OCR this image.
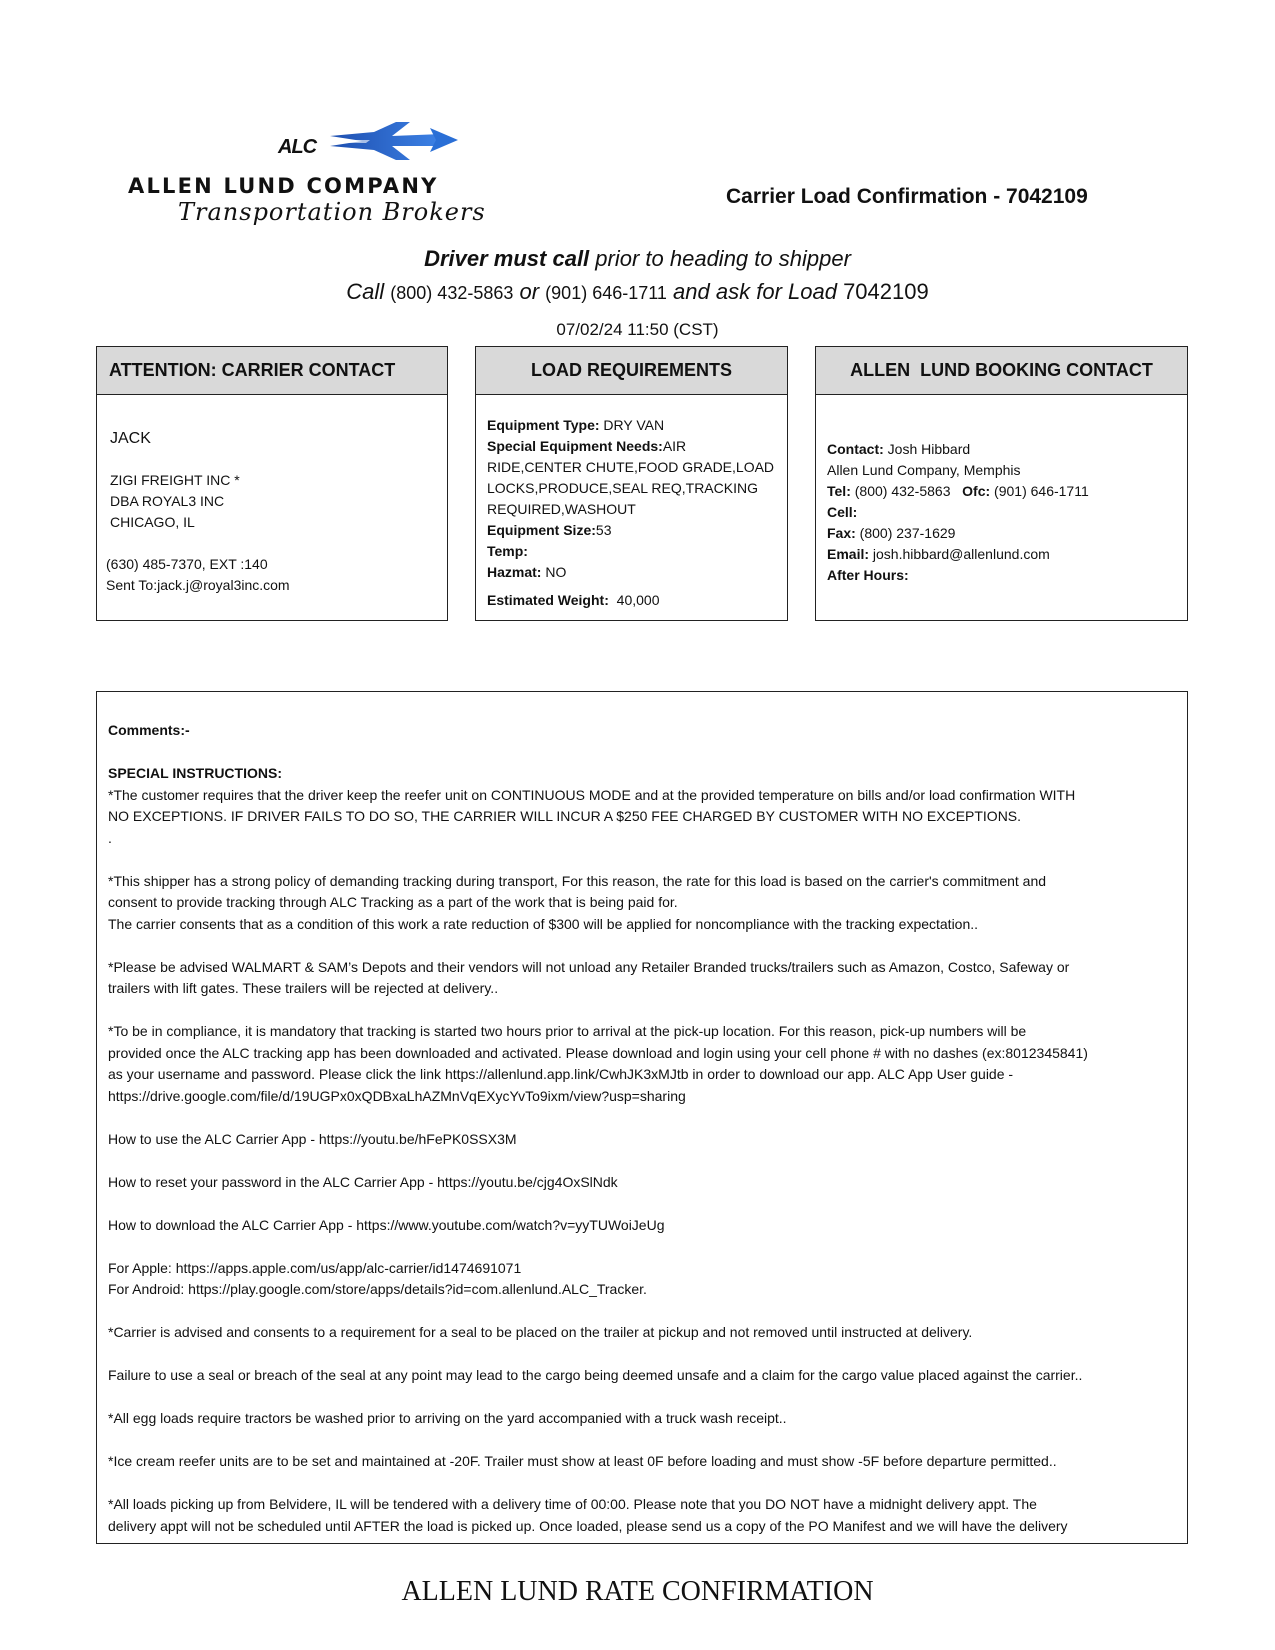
ALC
ALLEN LUND COMPANY
Transportation Brokers
Carrier Load Confirmation - 7042109
Driver must call prior to heading to shipper
Call (800) 432-5863 or (901) 646-1711 and ask for Load 7042109
07/02/24 11:50 (CST)
ATTENTION: CARRIER CONTACT
JACK
ZIGI FREIGHT INC *
DBA ROYAL3 INC
CHICAGO, IL
(630) 485-7370, EXT :140
Sent To:jack.j@royal3inc.com
LOAD REQUIREMENTS
Equipment Type: DRY VAN
Special Equipment Needs:AIR
RIDE,CENTER CHUTE,FOOD GRADE,LOAD
LOCKS,PRODUCE,SEAL REQ,TRACKING
REQUIRED,WASHOUT
Equipment Size:53
Temp:
Hazmat: NO
Estimated Weight:  40,000
ALLEN  LUND BOOKING CONTACT
Contact: Josh Hibbard
Allen Lund Company, Memphis
Tel: (800) 432-5863   Ofc: (901) 646-1711
Cell:
Fax: (800) 237-1629
Email: josh.hibbard@allenlund.com
After Hours:

Comments:-

SPECIAL INSTRUCTIONS:

*The customer requires that the driver keep the reefer unit on CONTINUOUS MODE and at the provided temperature on bills and/or load confirmation WITH

NO EXCEPTIONS. IF DRIVER FAILS TO DO SO, THE CARRIER WILL INCUR A $250 FEE CHARGED BY CUSTOMER WITH NO EXCEPTIONS.

.

*This shipper has a strong policy of demanding tracking during transport, For this reason, the rate for this load is based on the carrier's commitment and

consent to provide tracking through ALC Tracking as a part of the work that is being paid for.

The carrier consents that as a condition of this work a rate reduction of $300 will be applied for noncompliance with the tracking expectation..

*Please be advised WALMART & SAM’s Depots and their vendors will not unload any Retailer Branded trucks/trailers such as Amazon, Costco, Safeway or

trailers with lift gates. These trailers will be rejected at delivery..

*To be in compliance, it is mandatory that tracking is started two hours prior to arrival at the pick-up location. For this reason, pick-up numbers will be

provided once the ALC tracking app has been downloaded and activated. Please download and login using your cell phone # with no dashes (ex:8012345841)

as your username and password. Please click the link https://allenlund.app.link/CwhJK3xMJtb in order to download our app. ALC App User guide -

https://drive.google.com/file/d/19UGPx0xQDBxaLhAZMnVqEXycYvTo9ixm/view?usp=sharing

How to use the ALC Carrier App - https://youtu.be/hFePK0SSX3M

How to reset your password in the ALC Carrier App - https://youtu.be/cjg4OxSlNdk

How to download the ALC Carrier App - https://www.youtube.com/watch?v=yyTUWoiJeUg

For Apple: https://apps.apple.com/us/app/alc-carrier/id1474691071

For Android: https://play.google.com/store/apps/details?id=com.allenlund.ALC_Tracker.

*Carrier is advised and consents to a requirement for a seal to be placed on the trailer at pickup and not removed until instructed at delivery.

Failure to use a seal or breach of the seal at any point may lead to the cargo being deemed unsafe and a claim for the cargo value placed against the carrier..

*All egg loads require tractors be washed prior to arriving on the yard accompanied with a truck wash receipt..

*Ice cream reefer units are to be set and maintained at -20F. Trailer must show at least 0F before loading and must show -5F before departure permitted..

*All loads picking up from Belvidere, IL will be tendered with a delivery time of 00:00. Please note that you DO NOT have a midnight delivery appt. The

delivery appt will not be scheduled until AFTER the load is picked up. Once loaded, please send us a copy of the PO Manifest and we will have the delivery

ALLEN LUND RATE CONFIRMATION
